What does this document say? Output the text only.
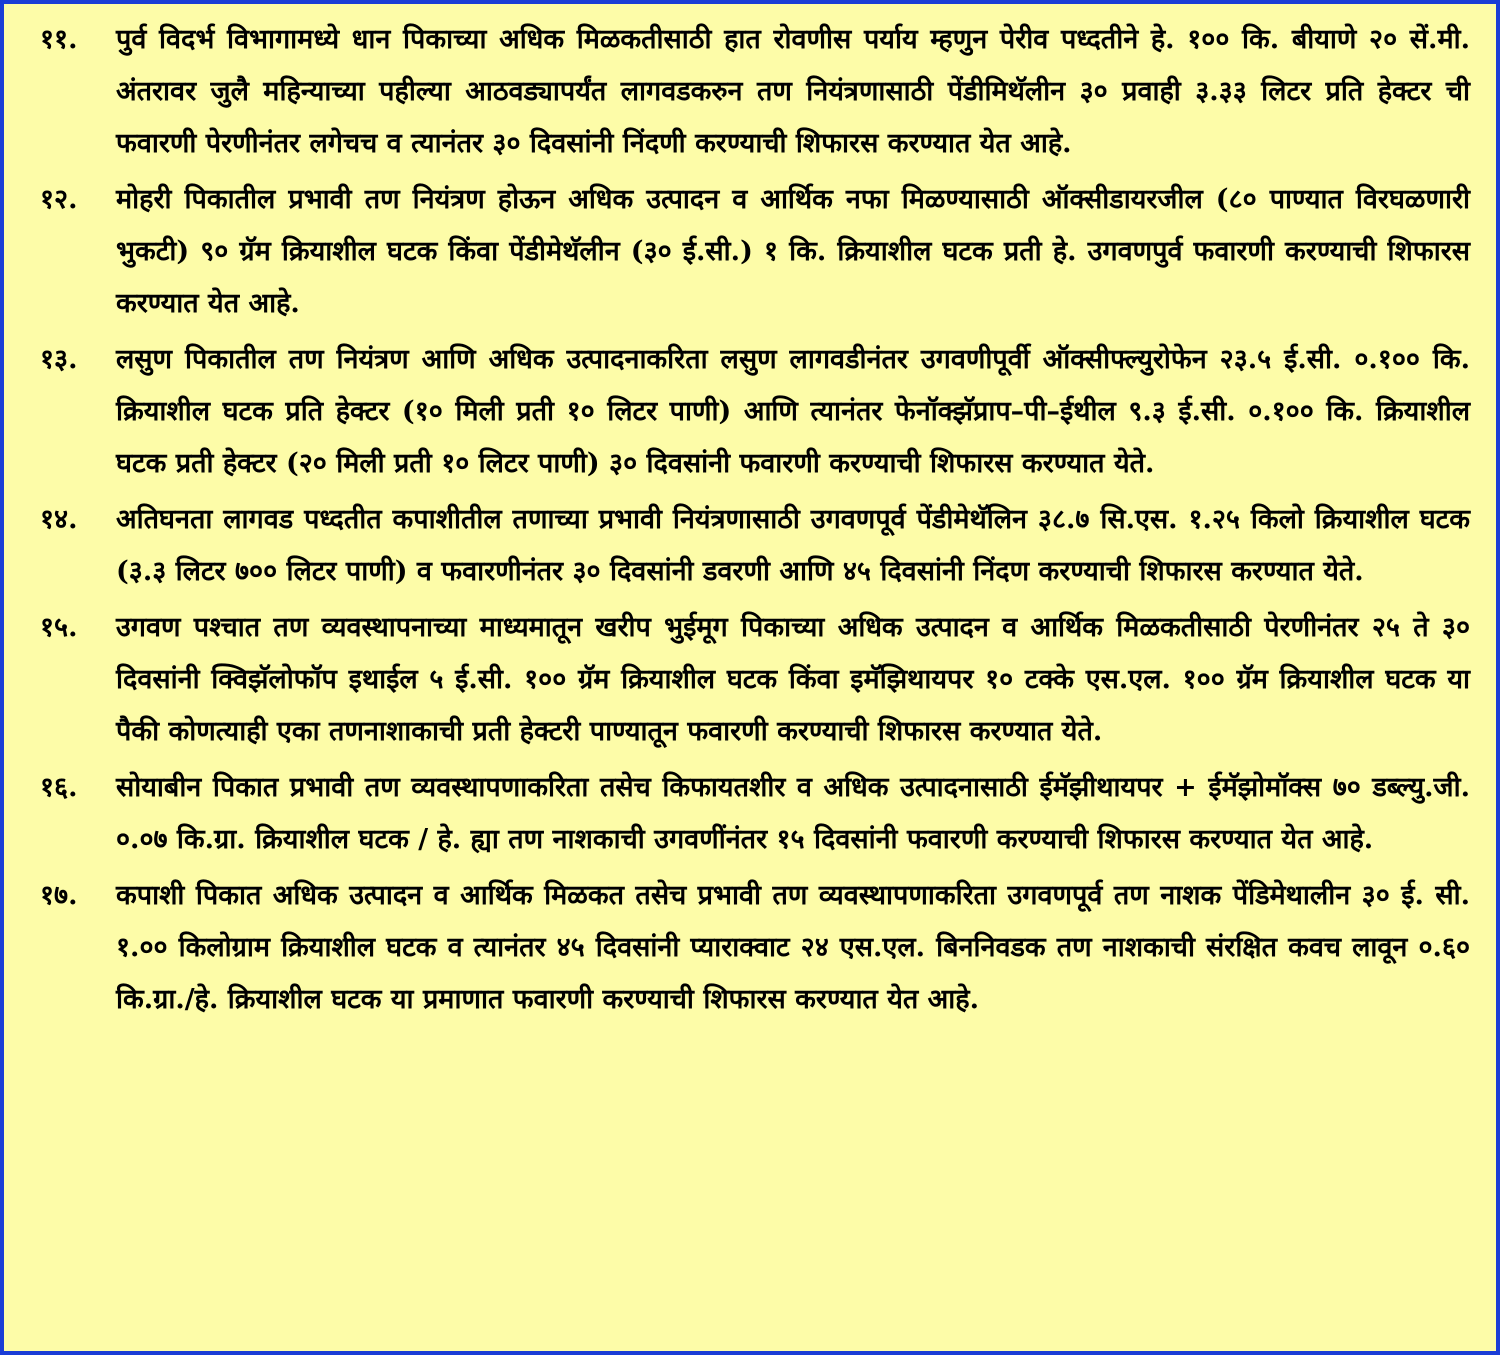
११.	पुर्व विदर्भ विभागामध्ये धान पिकाच्या अधिक मिळकतीसाठी हात रोवणीस पर्याय म्हणुन पेरीव पध्दतीने हे. १०० कि. बीयाणे २० सें.मी. अंतरावर जुलै महिन्याच्या पहील्या आठवड्यापर्यंत लागवडकरुन तण नियंत्रणासाठी पेंडीमिथॅलीन ३० प्रवाही ३.३३ लिटर प्रति हेक्टर ची फवारणी पेरणीनंतर लगेचच व त्यानंतर ३० दिवसांनी निंदणी करण्याची शिफारस करण्यात येत आहे.

१२.	मोहरी पिकातील प्रभावी तण नियंत्रण होऊन अधिक उत्पादन व आर्थिक नफा मिळण्यासाठी ऑक्सीडायरजील (८० पाण्यात विरघळणारी भुकटी) ९० ग्रॅम क्रियाशील घटक किंवा पेंडीमेथॅलीन (३० ई.सी.) १ कि. क्रियाशील घटक प्रती हे. उगवणपुर्व फवारणी करण्याची शिफारस करण्यात येत आहे.

१३.	लसुण पिकातील तण नियंत्रण आणि अधिक उत्पादनाकरिता लसुण लागवडीनंतर उगवणीपूर्वी ऑक्सीफ्ल्युरोफेन २३.५ ई.सी. ०.१०० कि. क्रियाशील घटक प्रति हेक्टर (१० मिली प्रती १० लिटर पाणी) आणि त्यानंतर फेनॉक्झॅप्राप–पी–ईथील ९.३ ई.सी. ०.१०० कि. क्रियाशील घटक प्रती हेक्टर (२० मिली प्रती १० लिटर पाणी) ३० दिवसांनी फवारणी करण्याची शिफारस करण्यात येते.

१४.	अतिघनता लागवड पध्दतीत कपाशीतील तणाच्या प्रभावी नियंत्रणासाठी उगवणपूर्व पेंडीमेथॅलिन ३८.७ सि.एस. १.२५ किलो क्रियाशील घटक (३.३ लिटर ७०० लिटर पाणी) व फवारणीनंतर ३० दिवसांनी डवरणी आणि ४५ दिवसांनी निंदण करण्याची शिफारस करण्यात येते.

१५.	उगवण पश्चात तण व्यवस्थापनाच्या माध्यमातून खरीप भुईमूग पिकाच्या अधिक उत्पादन व आर्थिक मिळकतीसाठी पेरणीनंतर २५ ते ३० दिवसांनी क्विझॅलोफॉप इथाईल ५ ई.सी. १०० ग्रॅम क्रियाशील घटक किंवा इमॅझिथायपर १० टक्के एस.एल. १०० ग्रॅम क्रियाशील घटक या पैकी कोणत्याही एका तणनाशाकाची प्रती हेक्टरी पाण्यातून फवारणी करण्याची शिफारस करण्यात येते.

१६.	सोयाबीन पिकात प्रभावी तण व्यवस्थापणाकरिता तसेच किफायतशीर व अधिक उत्पादनासाठी ईमॅझीथायपर + ईमॅझोमॉक्स ७० डब्ल्यु.जी. ०.०७ कि.ग्रा. क्रियाशील घटक / हे. ह्या तण नाशकाची उगवणींनंतर १५ दिवसांनी फवारणी करण्याची शिफारस करण्यात येत आहे.

१७.	कपाशी पिकात अधिक उत्पादन व आर्थिक मिळकत तसेच प्रभावी तण व्यवस्थापणाकरिता उगवणपूर्व तण नाशक पेंडिमेथालीन ३० ई. सी. १.०० किलोग्राम क्रियाशील घटक व त्यानंतर ४५ दिवसांनी प्याराक्वाट २४ एस.एल. बिननिवडक तण नाशकाची संरक्षित कवच लावून ०.६० कि.ग्रा./हे. क्रियाशील घटक या प्रमाणात फवारणी करण्याची शिफारस करण्यात येत आहे.
